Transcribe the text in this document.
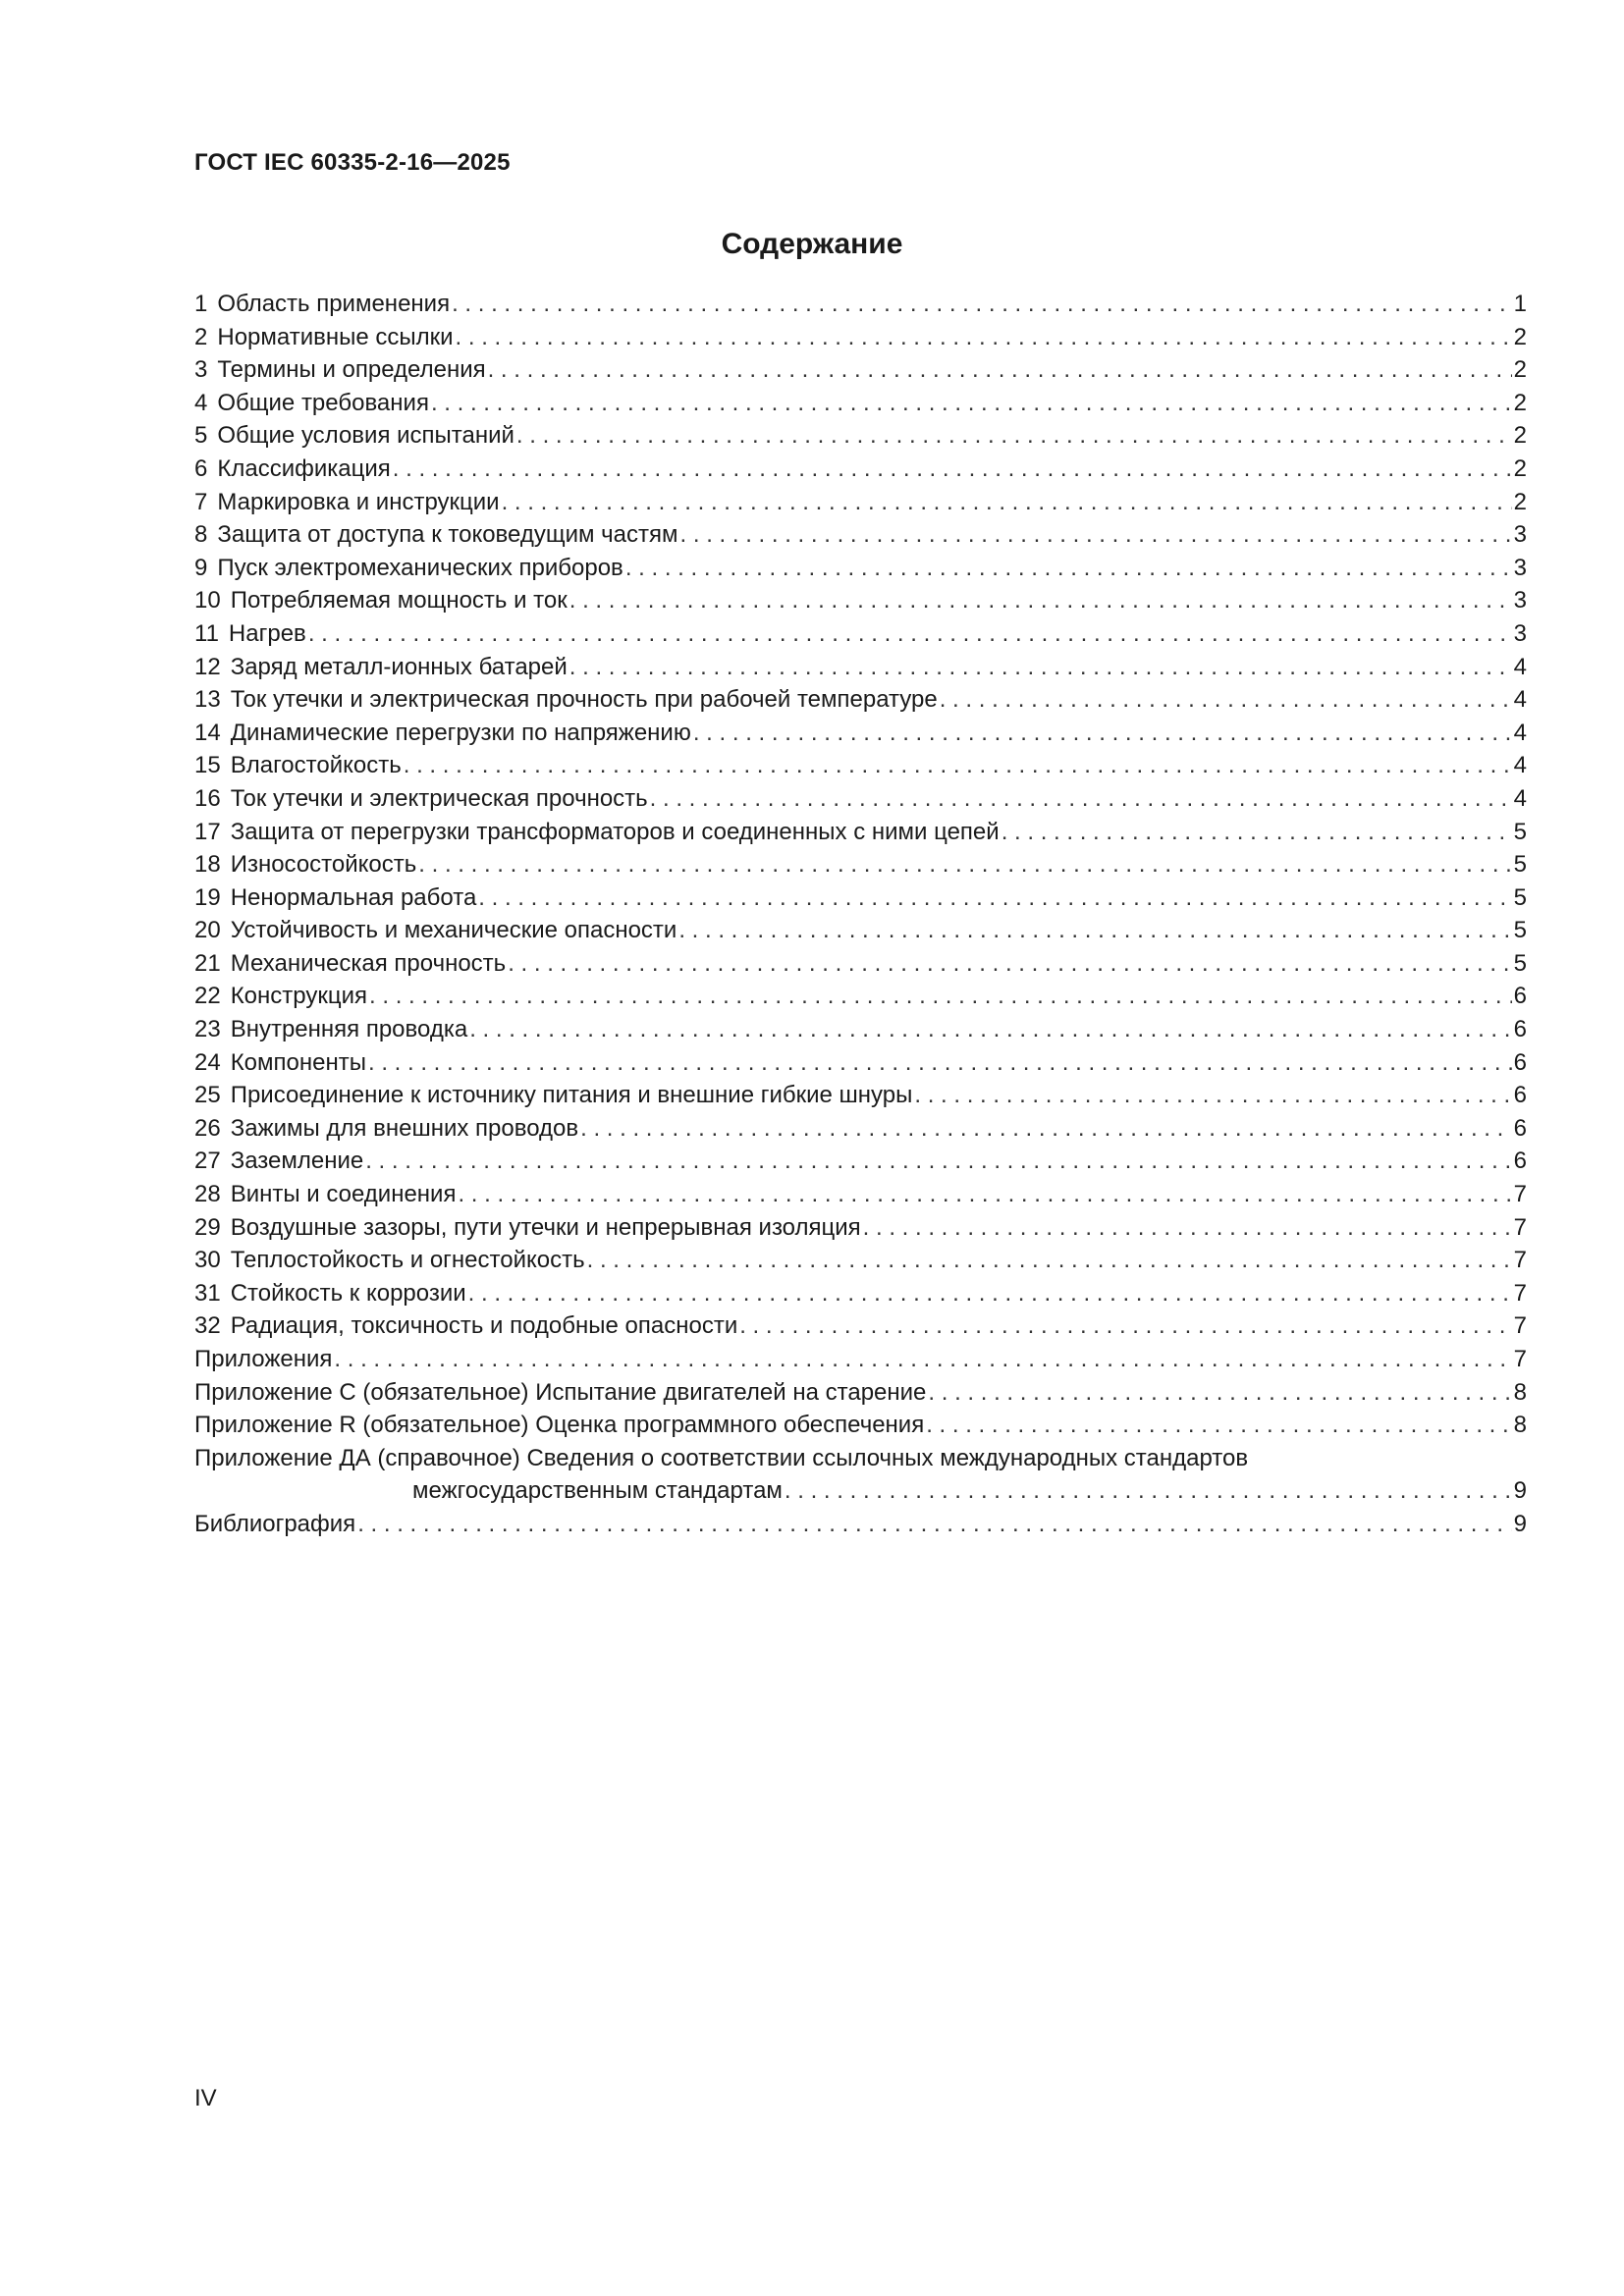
ГОСТ IEC 60335-2-16—2025
Содержание
1 Область применения . . .	1
2 Нормативные ссылки . . .	2
3 Термины и определения . . .	2
4 Общие требования . . .	2
5 Общие условия испытаний . . .	2
6 Классификация . . .	2
7 Маркировка и инструкции . . .	2
8 Защита от доступа к токоведущим частям . . .	3
9 Пуск электромеханических приборов . . .	3
10 Потребляемая мощность и ток . . .	3
11 Нагрев . . .	3
12 Заряд металл-ионных батарей . . .	4
13 Ток утечки и электрическая прочность при рабочей температуре . . .	4
14 Динамические перегрузки по напряжению . . .	4
15 Влагостойкость . . .	4
16 Ток утечки и электрическая прочность . . .	4
17 Защита от перегрузки трансформаторов и соединенных с ними цепей . . .	5
18 Износостойкость . . .	5
19 Ненормальная работа . . .	5
20 Устойчивость и механические опасности . . .	5
21 Механическая прочность . . .	5
22 Конструкция . . .	6
23 Внутренняя проводка . . .	6
24 Компоненты . . .	6
25 Присоединение к источнику питания и внешние гибкие шнуры . . .	6
26 Зажимы для внешних проводов . . .	6
27 Заземление . . .	6
28 Винты и соединения . . .	7
29 Воздушные зазоры, пути утечки и непрерывная изоляция . . .	7
30 Теплостойкость и огнестойкость . . .	7
31 Стойкость к коррозии . . .	7
32 Радиация, токсичность и подобные опасности . . .	7
Приложения . . .	7
Приложение С (обязательное) Испытание двигателей на старение . . .	8
Приложение R (обязательное) Оценка программного обеспечения . . .	8
Приложение ДА (справочное) Сведения о соответствии ссылочных международных стандартов
межгосударственным стандартам . . .	9
Библиография . . .	9
IV
